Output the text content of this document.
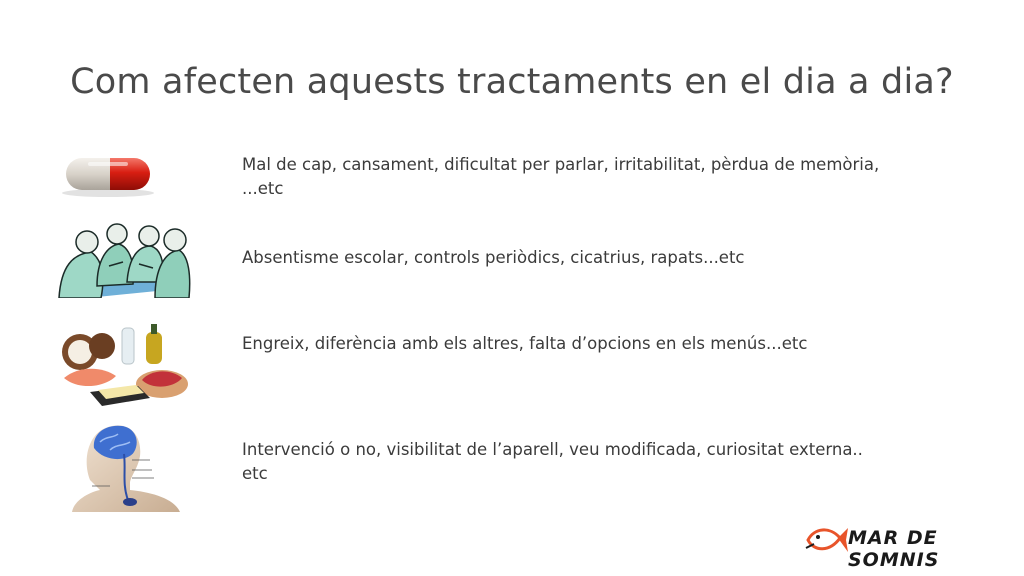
Com afecten aquests tractaments en el dia a dia?
Mal de cap, cansament, dificultat per parlar, irritabilitat, pèrdua de memòria, ...etc
Absentisme escolar, controls periòdics, cicatrius, rapats...etc
Engreix, diferència amb els altres, falta d’opcions en els menús...etc
Intervenció o no, visibilitat de l’aparell, veu modificada, curiositat externa.. etc
MAR DE SOMNIS
